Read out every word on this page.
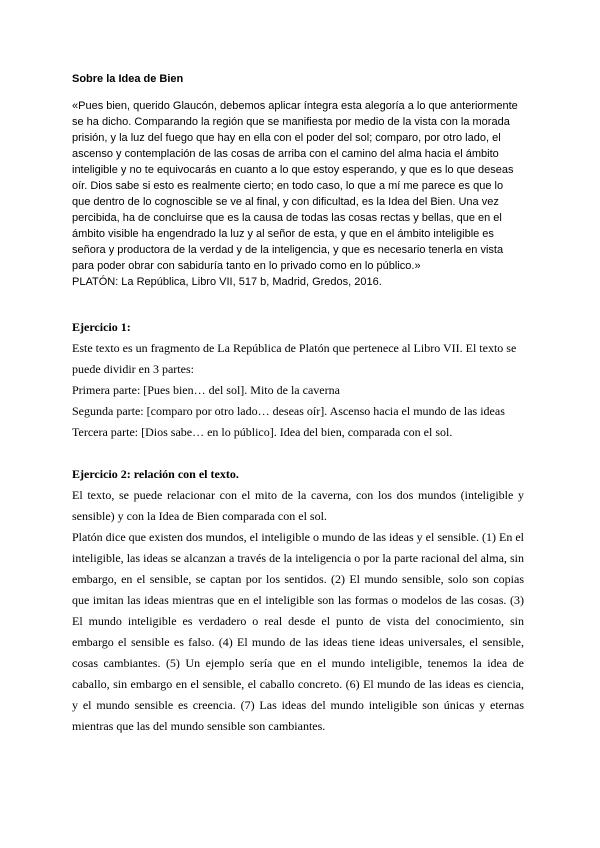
Sobre la Idea de Bien

«Pues bien, querido Glaucón, debemos aplicar íntegra esta alegoría a lo que anteriormente se ha dicho. Comparando la región que se manifiesta por medio de la vista con la morada prisión, y la luz del fuego que hay en ella con el poder del sol; comparo, por otro lado, el ascenso y contemplación de las cosas de arriba con el camino del alma hacia el ámbito inteligible y no te equivocarás en cuanto a lo que estoy esperando, y que es lo que deseas oír. Dios sabe si esto es realmente cierto; en todo caso, lo que a mí me parece es que lo que dentro de lo cognoscible se ve al final, y con dificultad, es la Idea del Bien. Una vez percibida, ha de concluirse que es la causa de todas las cosas rectas y bellas, que en el ámbito visible ha engendrado la luz y al señor de esta, y que en el ámbito inteligible es señora y productora de la verdad y de la inteligencia, y que es necesario tenerla en vista para poder obrar con sabiduría tanto en lo privado como en lo público.»

PLATÓN: La República, Libro VII, 517 b, Madrid, Gredos, 2016.

Ejercicio 1:
Este texto es un fragmento de La República de Platón que pertenece al Libro VII. El texto se puede dividir en 3 partes:
Primera parte: [Pues bien… del sol]. Mito de la caverna
Segunda parte: [comparo por otro lado… deseas oír]. Ascenso hacia el mundo de las ideas
Tercera parte: [Dios sabe… en lo público]. Idea del bien, comparada con el sol.
Ejercicio 2: relación con el texto.
El texto, se puede relacionar con el mito de la caverna, con los dos mundos (inteligible y sensible) y con la Idea de Bien comparada con el sol.
Platón dice que existen dos mundos, el inteligible o mundo de las ideas y el sensible. (1) En el inteligible, las ideas se alcanzan a través de la inteligencia o por la parte racional del alma, sin embargo, en el sensible, se captan por los sentidos. (2) El mundo sensible, solo son copias que imitan las ideas mientras que en el inteligible son las formas o modelos de las cosas. (3) El mundo inteligible es verdadero o real desde el punto de vista del conocimiento, sin embargo el sensible es falso. (4) El mundo de las ideas tiene ideas universales, el sensible, cosas cambiantes. (5) Un ejemplo sería que en el mundo inteligible, tenemos la idea de caballo, sin embargo en el sensible, el caballo concreto. (6) El mundo de las ideas es ciencia, y el mundo sensible es creencia. (7) Las ideas del mundo inteligible son únicas y eternas mientras que las del mundo sensible son cambiantes.
